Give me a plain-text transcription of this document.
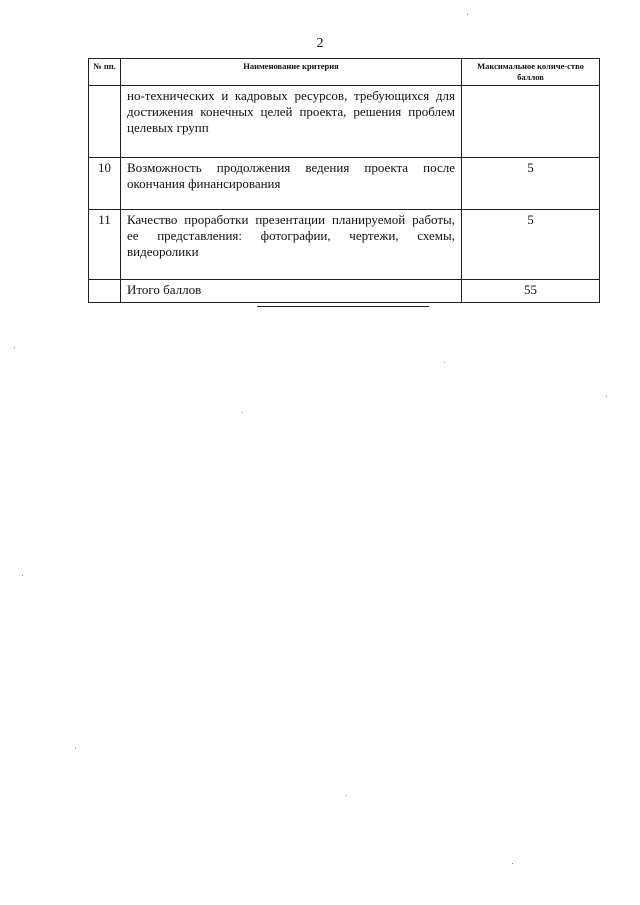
2
№ пп.	Наименование критерия	Максимальное количе-ство баллов
	но-технических и кадровых ресурсов, требующихся для достижения конечных целей проекта, решения проблем целевых групп	
10	Возможность продолжения ведения проекта после окончания финансирования	5
11	Качество проработки презентации планируемой работы, ее представления: фотографии, чертежи, схемы, видеоролики	5
	Итого баллов	55
